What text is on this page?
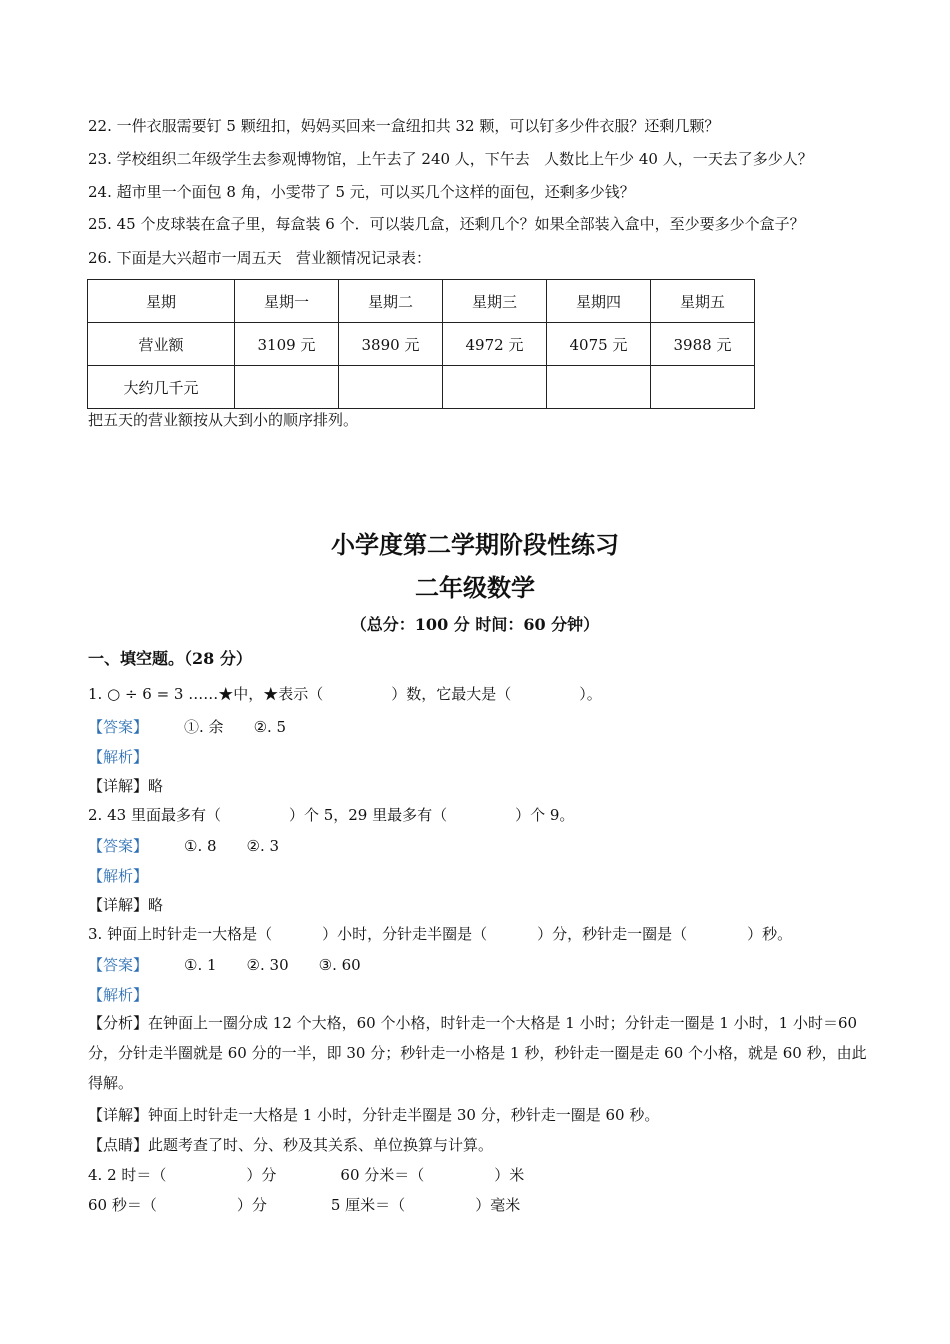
22. 一件衣服需要钉 5 颗纽扣，妈妈买回来一盒纽扣共 32 颗，可以钉多少件衣服？还剩几颗？
23. 学校组织二年级学生去参观博物馆，上午去了 240 人，下午去   人数比上午少 40 人，一天去了多少人？
24. 超市里一个面包 8 角，小雯带了 5 元，可以买几个这样的面包，还剩多少钱？
25. 45 个皮球装在盒子里，每盒装 6 个．可以装几盒，还剩几个？如果全部装入盒中，至少要多少个盒子？
26. 下面是大兴超市一周五天   营业额情况记录表：
星期	星期一	星期二	星期三	星期四	星期五
营业额	3109 元	3890 元	4972 元	4075 元	3988 元
大约几千元					
把五天的营业额按从大到小的顺序排列。
小学度第二学期阶段性练习
二年级数学
（总分：100 分 时间：60 分钟）
一、填空题。（28 分）
1. ○ ÷ 6 = 3 ……★中，★表示（	）数，它最大是（	）。
【答案】 ①. 余 ②. 5
【解析】
【详解】略
2. 43 里面最多有（	）个 5，29 里最多有（	）个 9。
【答案】 ①. 8 ②. 3
【解析】
【详解】略
3. 钟面上时针走一大格是（	）小时，分针走半圈是（	）分，秒针走一圈是（	）秒。
【答案】 ①. 1 ②. 30 ③. 60
【解析】
【分析】在钟面上一圈分成 12 个大格，60 个小格，时针走一个大格是 1 小时；分针走一圈是 1 小时，1 小时＝60 分，分针走半圈就是 60 分的一半，即 30 分；秒针走一小格是 1 秒，秒针走一圈是走 60 个小格，就是 60 秒，由此得解。
【详解】钟面上时针走一大格是 1 小时，分针走半圈是 30 分，秒针走一圈是 60 秒。
【点睛】此题考查了时、分、秒及其关系、单位换算与计算。
4. 2 时＝（	）分	60 分米＝（	）米
60 秒＝（	）分	5 厘米＝（	）毫米
